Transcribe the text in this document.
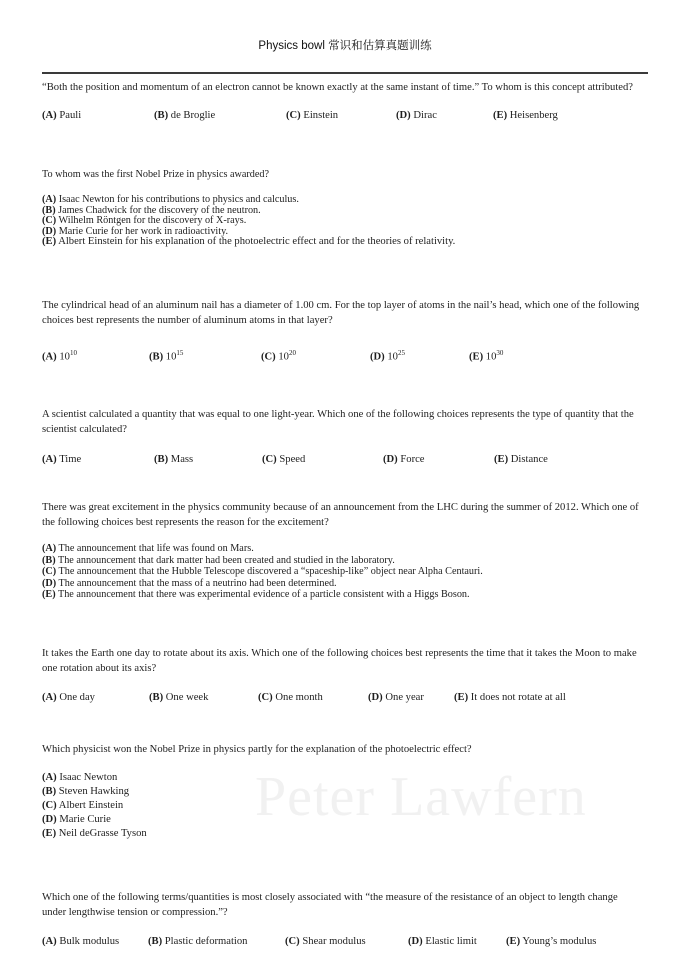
Peter Lawfern
Physics bowl 常识和估算真题训练

“Both the position and momentum of an electron cannot be known exactly at the same instant of time.” To whom is this concept attributed?

(A) Pauli	(B) de Broglie	(C) Einstein	(D) Dirac	(E) Heisenberg

To whom was the first Nobel Prize in physics awarded?

(A) Isaac Newton for his contributions to physics and calculus.
(B) James Chadwick for the discovery of the neutron.
(C) Wilhelm Röntgen for the discovery of X-rays.
(D) Marie Curie for her work in radioactivity.
(E) Albert Einstein for his explanation of the photoelectric effect and for the theories of relativity.

The cylindrical head of an aluminum nail has a diameter of 1.00 cm. For the top layer of atoms in the nail’s head, which one of the following choices best represents the number of aluminum atoms in that layer?

(A) $10^{10}$	(B) $10^{15}$	(C) $10^{20}$	(D) $10^{25}$	(E) $10^{30}$

A scientist calculated a quantity that was equal to one light-year. Which one of the following choices represents the type of quantity that the scientist calculated?

(A) Time	(B) Mass	(C) Speed	(D) Force	(E) Distance

There was great excitement in the physics community because of an announcement from the LHC during the summer of 2012. Which one of the following choices best represents the reason for the excitement?

(A) The announcement that life was found on Mars.
(B) The announcement that dark matter had been created and studied in the laboratory.
(C) The announcement that the Hubble Telescope discovered a “spaceship-like” object near Alpha Centauri.
(D) The announcement that the mass of a neutrino had been determined.
(E) The announcement that there was experimental evidence of a particle consistent with a Higgs Boson.

It takes the Earth one day to rotate about its axis. Which one of the following choices best represents the time that it takes the Moon to make one rotation about its axis?

(A) One day	(B) One week	(C) One month	(D) One year	(E) It does not rotate at all

Which physicist won the Nobel Prize in physics partly for the explanation of the photoelectric effect?

(A) Isaac Newton
(B) Steven Hawking
(C) Albert Einstein
(D) Marie Curie
(E) Neil deGrasse Tyson

Which one of the following terms/quantities is most closely associated with “the measure of the resistance of an object to length change under lengthwise tension or compression.”?

(A) Bulk modulus	(B) Plastic deformation	(C) Shear modulus	(D) Elastic limit	(E) Young’s modulus
